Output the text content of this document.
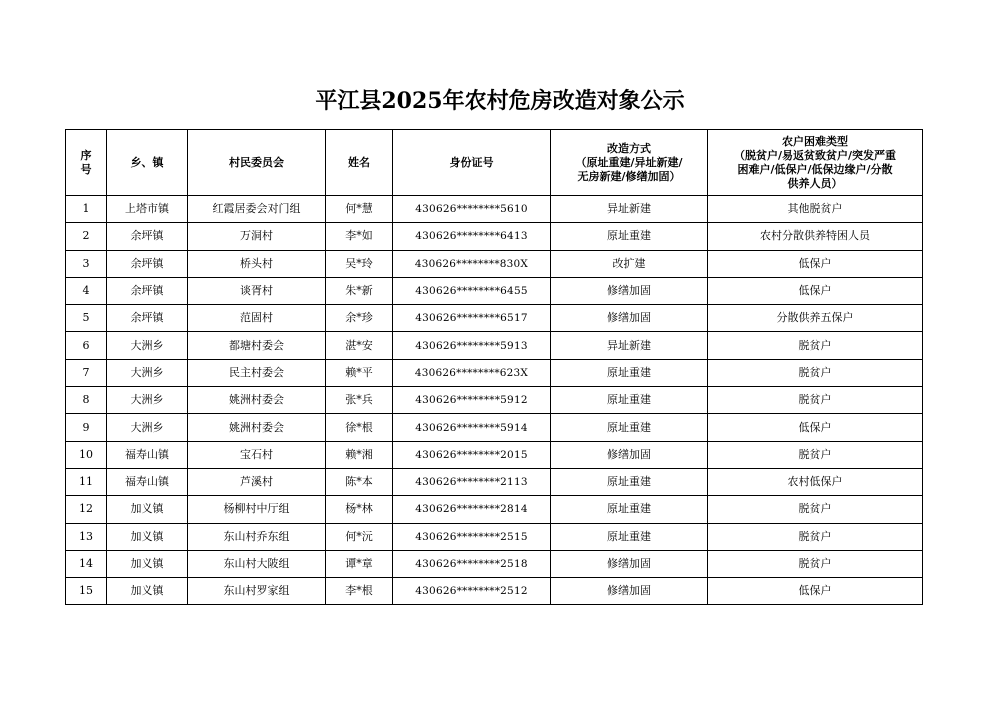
平江县2025年农村危房改造对象公示
序
号	乡、镇	村民委员会	姓名	身份证号	改造方式
（原址重建/异址新建/
无房新建/修缮加固）	农户困难类型
（脱贫户/易返贫致贫户/突发严重
困难户/低保户/低保边缘户/分散
供养人员）

1	上塔市镇	红霞居委会对门组	何*慧	430626********5610	异址新建	其他脱贫户
2	余坪镇	万洞村	李*如	430626********6413	原址重建	农村分散供养特困人员
3	余坪镇	桥头村	吴*玲	430626********830X	改扩建	低保户
4	余坪镇	谈胥村	朱*新	430626********6455	修缮加固	低保户
5	余坪镇	范固村	余*珍	430626********6517	修缮加固	分散供养五保户
6	大洲乡	都塘村委会	湛*安	430626********5913	异址新建	脱贫户
7	大洲乡	民主村委会	赖*平	430626********623X	原址重建	脱贫户
8	大洲乡	姚洲村委会	张*兵	430626********5912	原址重建	脱贫户
9	大洲乡	姚洲村委会	徐*根	430626********5914	原址重建	低保户
10	福寿山镇	宝石村	赖*湘	430626********2015	修缮加固	脱贫户
11	福寿山镇	芦溪村	陈*本	430626********2113	原址重建	农村低保户
12	加义镇	杨柳村中厅组	杨*林	430626********2814	原址重建	脱贫户
13	加义镇	东山村乔东组	何*沅	430626********2515	原址重建	脱贫户
14	加义镇	东山村大陂组	谭*章	430626********2518	修缮加固	脱贫户
15	加义镇	东山村罗家组	李*根	430626********2512	修缮加固	低保户
